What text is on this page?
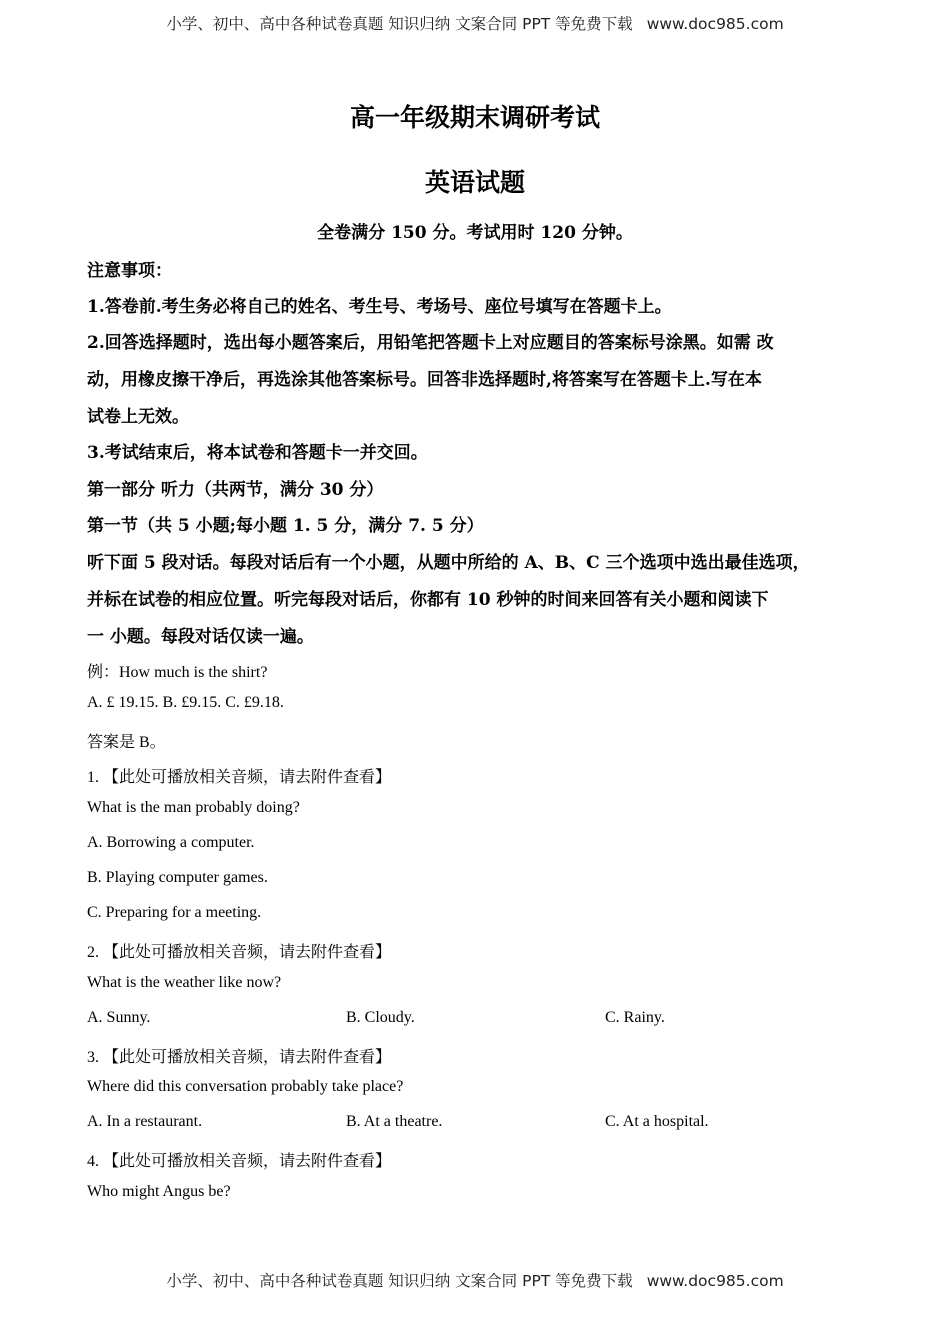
小学、初中、高中各种试卷真题 知识归纳 文案合同 PPT 等免费下载 www.doc985.com
高一年级期末调研考试
英语试题
全卷满分 150 分。考试用时 120 分钟。
注意事项：
1.答卷前.考生务必将自己的姓名、考生号、考场号、座位号填写在答题卡上。
2.回答选择题时，选出每小题答案后，用铅笔把答题卡上对应题目的答案标号涂黑。如需 改
动，用橡皮擦干净后，再选涂其他答案标号。回答非选择题时,将答案写在答题卡上.写在本
试卷上无效。
3.考试结束后，将本试卷和答题卡一并交回。
第一部分 听力（共两节，满分 30 分）
第一节（共 5 小题;每小题 1. 5 分，满分 7. 5 分）
听下面 5 段对话。每段对话后有一个小题，从题中所给的 A、B、C 三个选项中选出最佳选项，
并标在试卷的相应位置。听完每段对话后，你都有 10 秒钟的时间来回答有关小题和阅读下
一 小题。每段对话仅读一遍。
例：How much is the shirt?
A. £ 19.15. B. £9.15. C. £9.18.
答案是 B。
1. 【此处可播放相关音频，请去附件查看】
What is the man probably doing?
A. Borrowing a computer.
B. Playing computer games.
C. Preparing for a meeting.
2. 【此处可播放相关音频，请去附件查看】
What is the weather like now?
A. Sunny.	B. Cloudy.	C. Rainy.
3. 【此处可播放相关音频，请去附件查看】
Where did this conversation probably take place?
A. In a restaurant.	B. At a theatre.	C. At a hospital.
4. 【此处可播放相关音频，请去附件查看】
Who might Angus be?
小学、初中、高中各种试卷真题 知识归纳 文案合同 PPT 等免费下载 www.doc985.com
